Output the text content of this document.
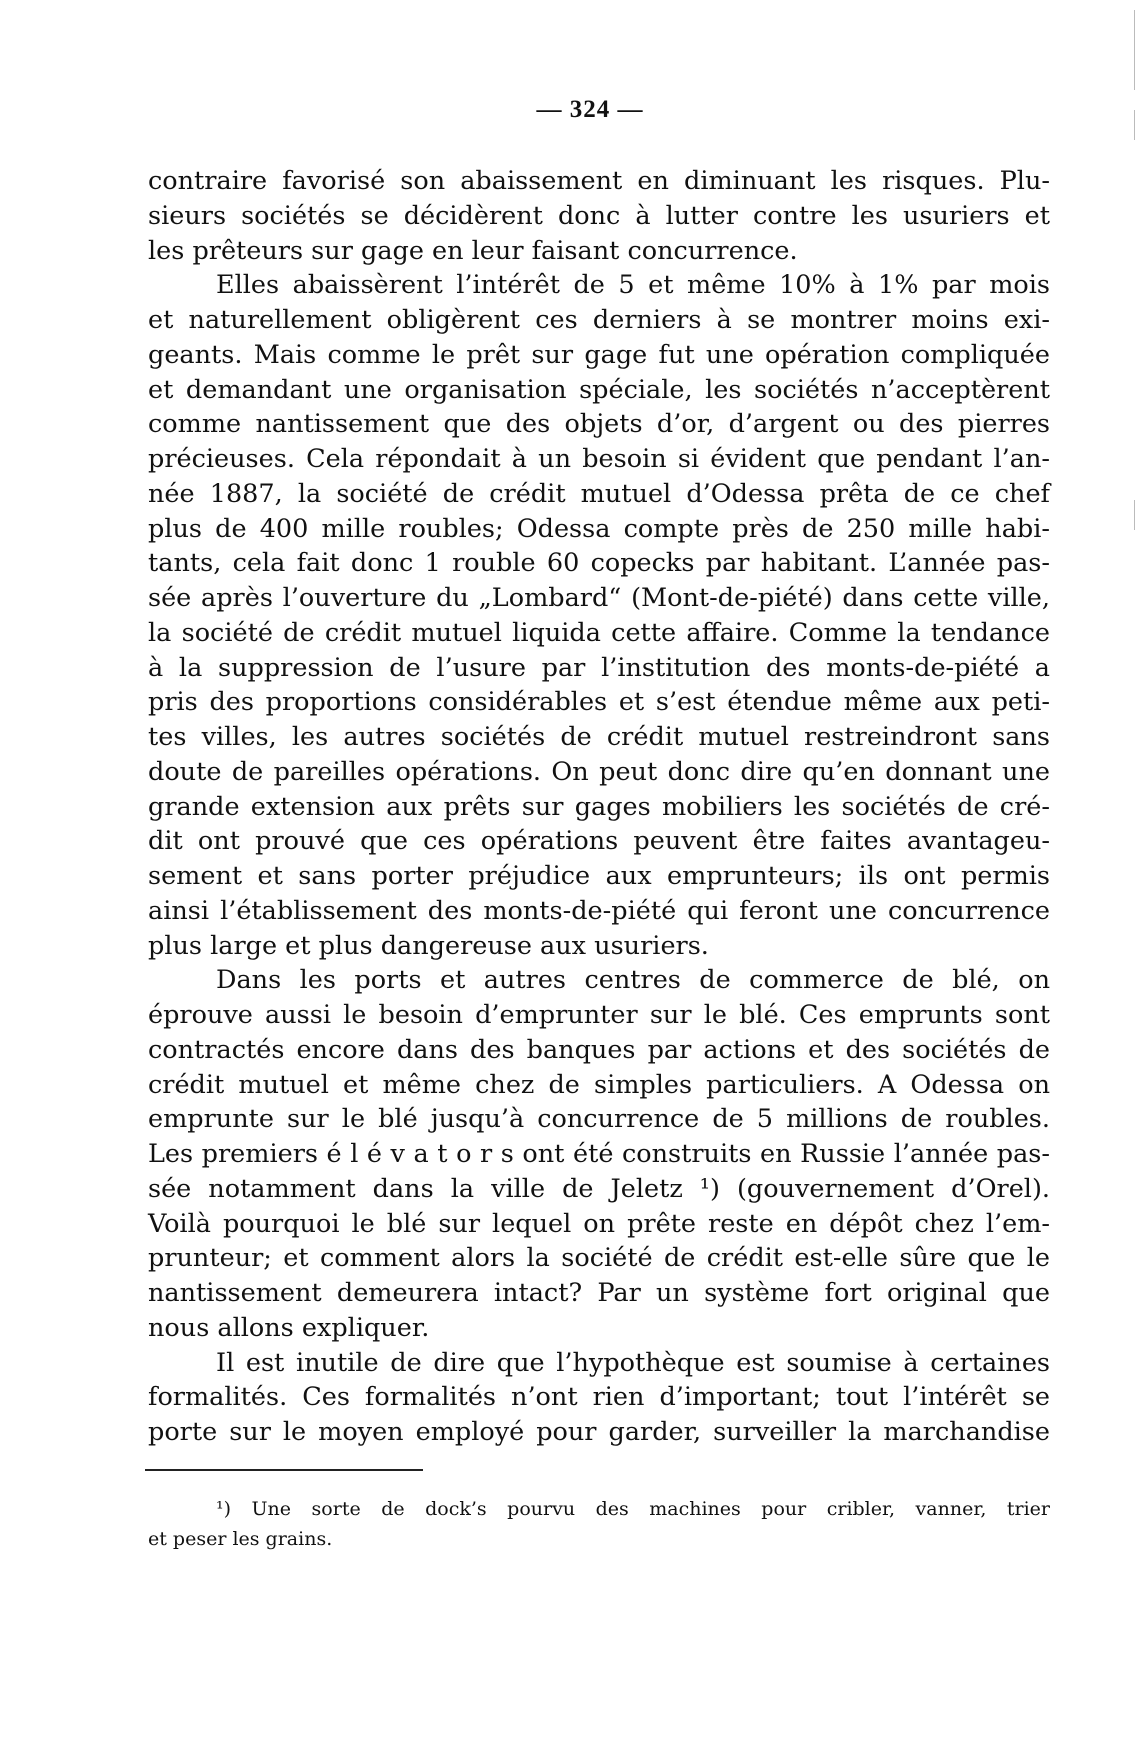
— 324 —
contraire favorisé son abaissement en diminuant les risques. Plu-
sieurs sociétés se décidèrent donc à lutter contre les usuriers et
les prêteurs sur gage en leur faisant concurrence.
Elles abaissèrent l’intérêt de 5 et même 10% à 1% par mois
et naturellement obligèrent ces derniers à se montrer moins exi-
geants. Mais comme le prêt sur gage fut une opération compliquée
et demandant une organisation spéciale, les sociétés n’acceptèrent
comme nantissement que des objets d’or, d’argent ou des pierres
précieuses. Cela répondait à un besoin si évident que pendant l’an-
née 1887, la société de crédit mutuel d’Odessa prêta de ce chef
plus de 400 mille roubles; Odessa compte près de 250 mille habi-
tants, cela fait donc 1 rouble 60 copecks par habitant. L’année pas-
sée après l’ouverture du „Lombard“ (Mont-de-piété) dans cette ville,
la société de crédit mutuel liquida cette affaire. Comme la tendance
à la suppression de l’usure par l’institution des monts-de-piété a
pris des proportions considérables et s’est étendue même aux peti-
tes villes, les autres sociétés de crédit mutuel restreindront sans
doute de pareilles opérations. On peut donc dire qu’en donnant une
grande extension aux prêts sur gages mobiliers les sociétés de cré-
dit ont prouvé que ces opérations peuvent être faites avantageu-
sement et sans porter préjudice aux emprunteurs; ils ont permis
ainsi l’établissement des monts-de-piété qui feront une concurrence
plus large et plus dangereuse aux usuriers.
Dans les ports et autres centres de commerce de blé, on
éprouve aussi le besoin d’emprunter sur le blé. Ces emprunts sont
contractés encore dans des banques par actions et des sociétés de
crédit mutuel et même chez de simples particuliers. A Odessa on
emprunte sur le blé jusqu’à concurrence de 5 millions de roubles.
Les premiers é l é v a t o r s ont été construits en Russie l’année pas-
sée notamment dans la ville de Jeletz ¹) (gouvernement d’Orel).
Voilà pourquoi le blé sur lequel on prête reste en dépôt chez l’em-
prunteur; et comment alors la société de crédit est-elle sûre que le
nantissement demeurera intact? Par un système fort original que
nous allons expliquer.
Il est inutile de dire que l’hypothèque est soumise à certaines
formalités. Ces formalités n’ont rien d’important; tout l’intérêt se
porte sur le moyen employé pour garder, surveiller la marchandise
¹) Une sorte de dock’s pourvu des machines pour cribler, vanner, trier
et peser les grains.
